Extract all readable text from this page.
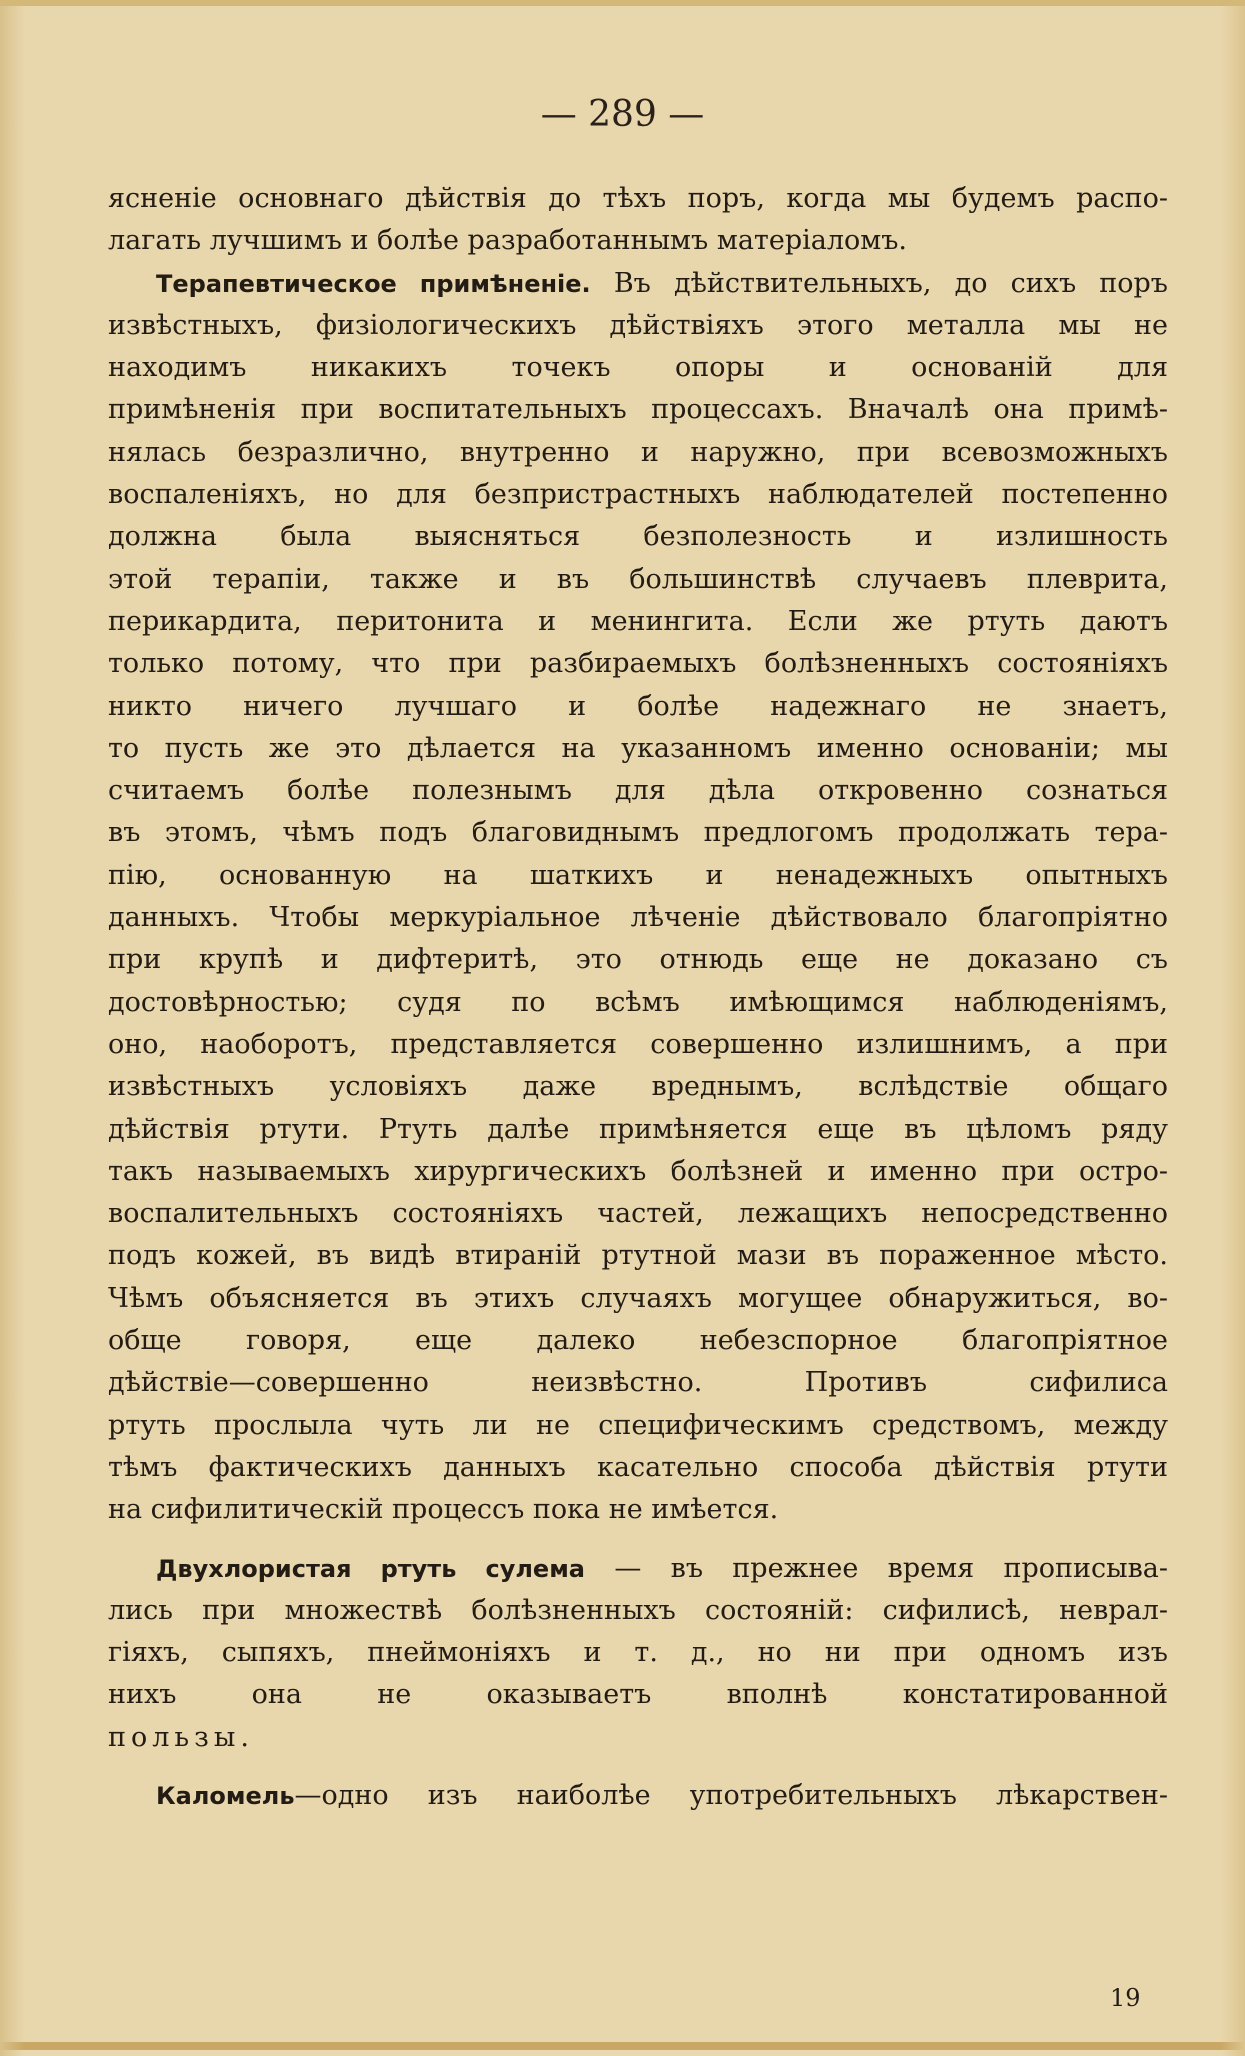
— 289 —
ясненіе основнаго дѣйствія до тѣхъ поръ, когда мы будемъ распо-
лагать лучшимъ и болѣе разработаннымъ матеріаломъ.
Терапевтическое примѣненіе. Въ дѣйствительныхъ, до сихъ поръ
извѣстныхъ, физіологическихъ дѣйствіяхъ этого металла мы не
находимъ никакихъ точекъ опоры и основаній для
примѣненія при воспитательныхъ процессахъ. Вначалѣ она примѣ-
нялась безразлично, внутренно и наружно, при всевозможныхъ
воспаленіяхъ, но для безпристрастныхъ наблюдателей постепенно
должна была выясняться безполезность и излишность
этой терапіи, также и въ большинствѣ случаевъ плеврита,
перикардита, перитонита и менингита. Если же ртуть даютъ
только потому, что при разбираемыхъ болѣзненныхъ состояніяхъ
никто ничего лучшаго и болѣе надежнаго не знаетъ,
то пусть же это дѣлается на указанномъ именно основаніи; мы
считаемъ болѣе полезнымъ для дѣла откровенно сознаться
въ этомъ, чѣмъ подъ благовиднымъ предлогомъ продолжать тера-
пію, основанную на шаткихъ и ненадежныхъ опытныхъ
данныхъ. Чтобы меркуріальное лѣченіе дѣйствовало благопріятно
при крупѣ и дифтеритѣ, это отнюдь еще не доказано съ
достовѣрностью; судя по всѣмъ имѣющимся наблюденіямъ,
оно, наоборотъ, представляется совершенно излишнимъ, а при
извѣстныхъ условіяхъ даже вреднымъ, вслѣдствіе общаго
дѣйствія ртути. Ртуть далѣе примѣняется еще въ цѣломъ ряду
такъ называемыхъ хирургическихъ болѣзней и именно при остро-
воспалительныхъ состояніяхъ частей, лежащихъ непосредственно
подъ кожей, въ видѣ втираній ртутной мази въ пораженное мѣсто.
Чѣмъ объясняется въ этихъ случаяхъ могущее обнаружиться, во-
обще говоря, еще далеко небезспорное благопріятное
дѣйствіе—совершенно неизвѣстно. Противъ сифилиса
ртуть прослыла чуть ли не специфическимъ средствомъ, между
тѣмъ фактическихъ данныхъ касательно способа дѣйствія ртути
на сифилитическій процессъ пока не имѣется.
Двухлористая ртуть сулема — въ прежнее время прописыва-
лись при множествѣ болѣзненныхъ состояній: сифилисѣ, неврал-
гіяхъ, сыпяхъ, пнеймоніяхъ и т. д., но ни при одномъ изъ
нихъ она не оказываетъ вполнѣ констатированной
пользы.
Каломель—одно изъ наиболѣе употребительныхъ лѣкарствен-
19
